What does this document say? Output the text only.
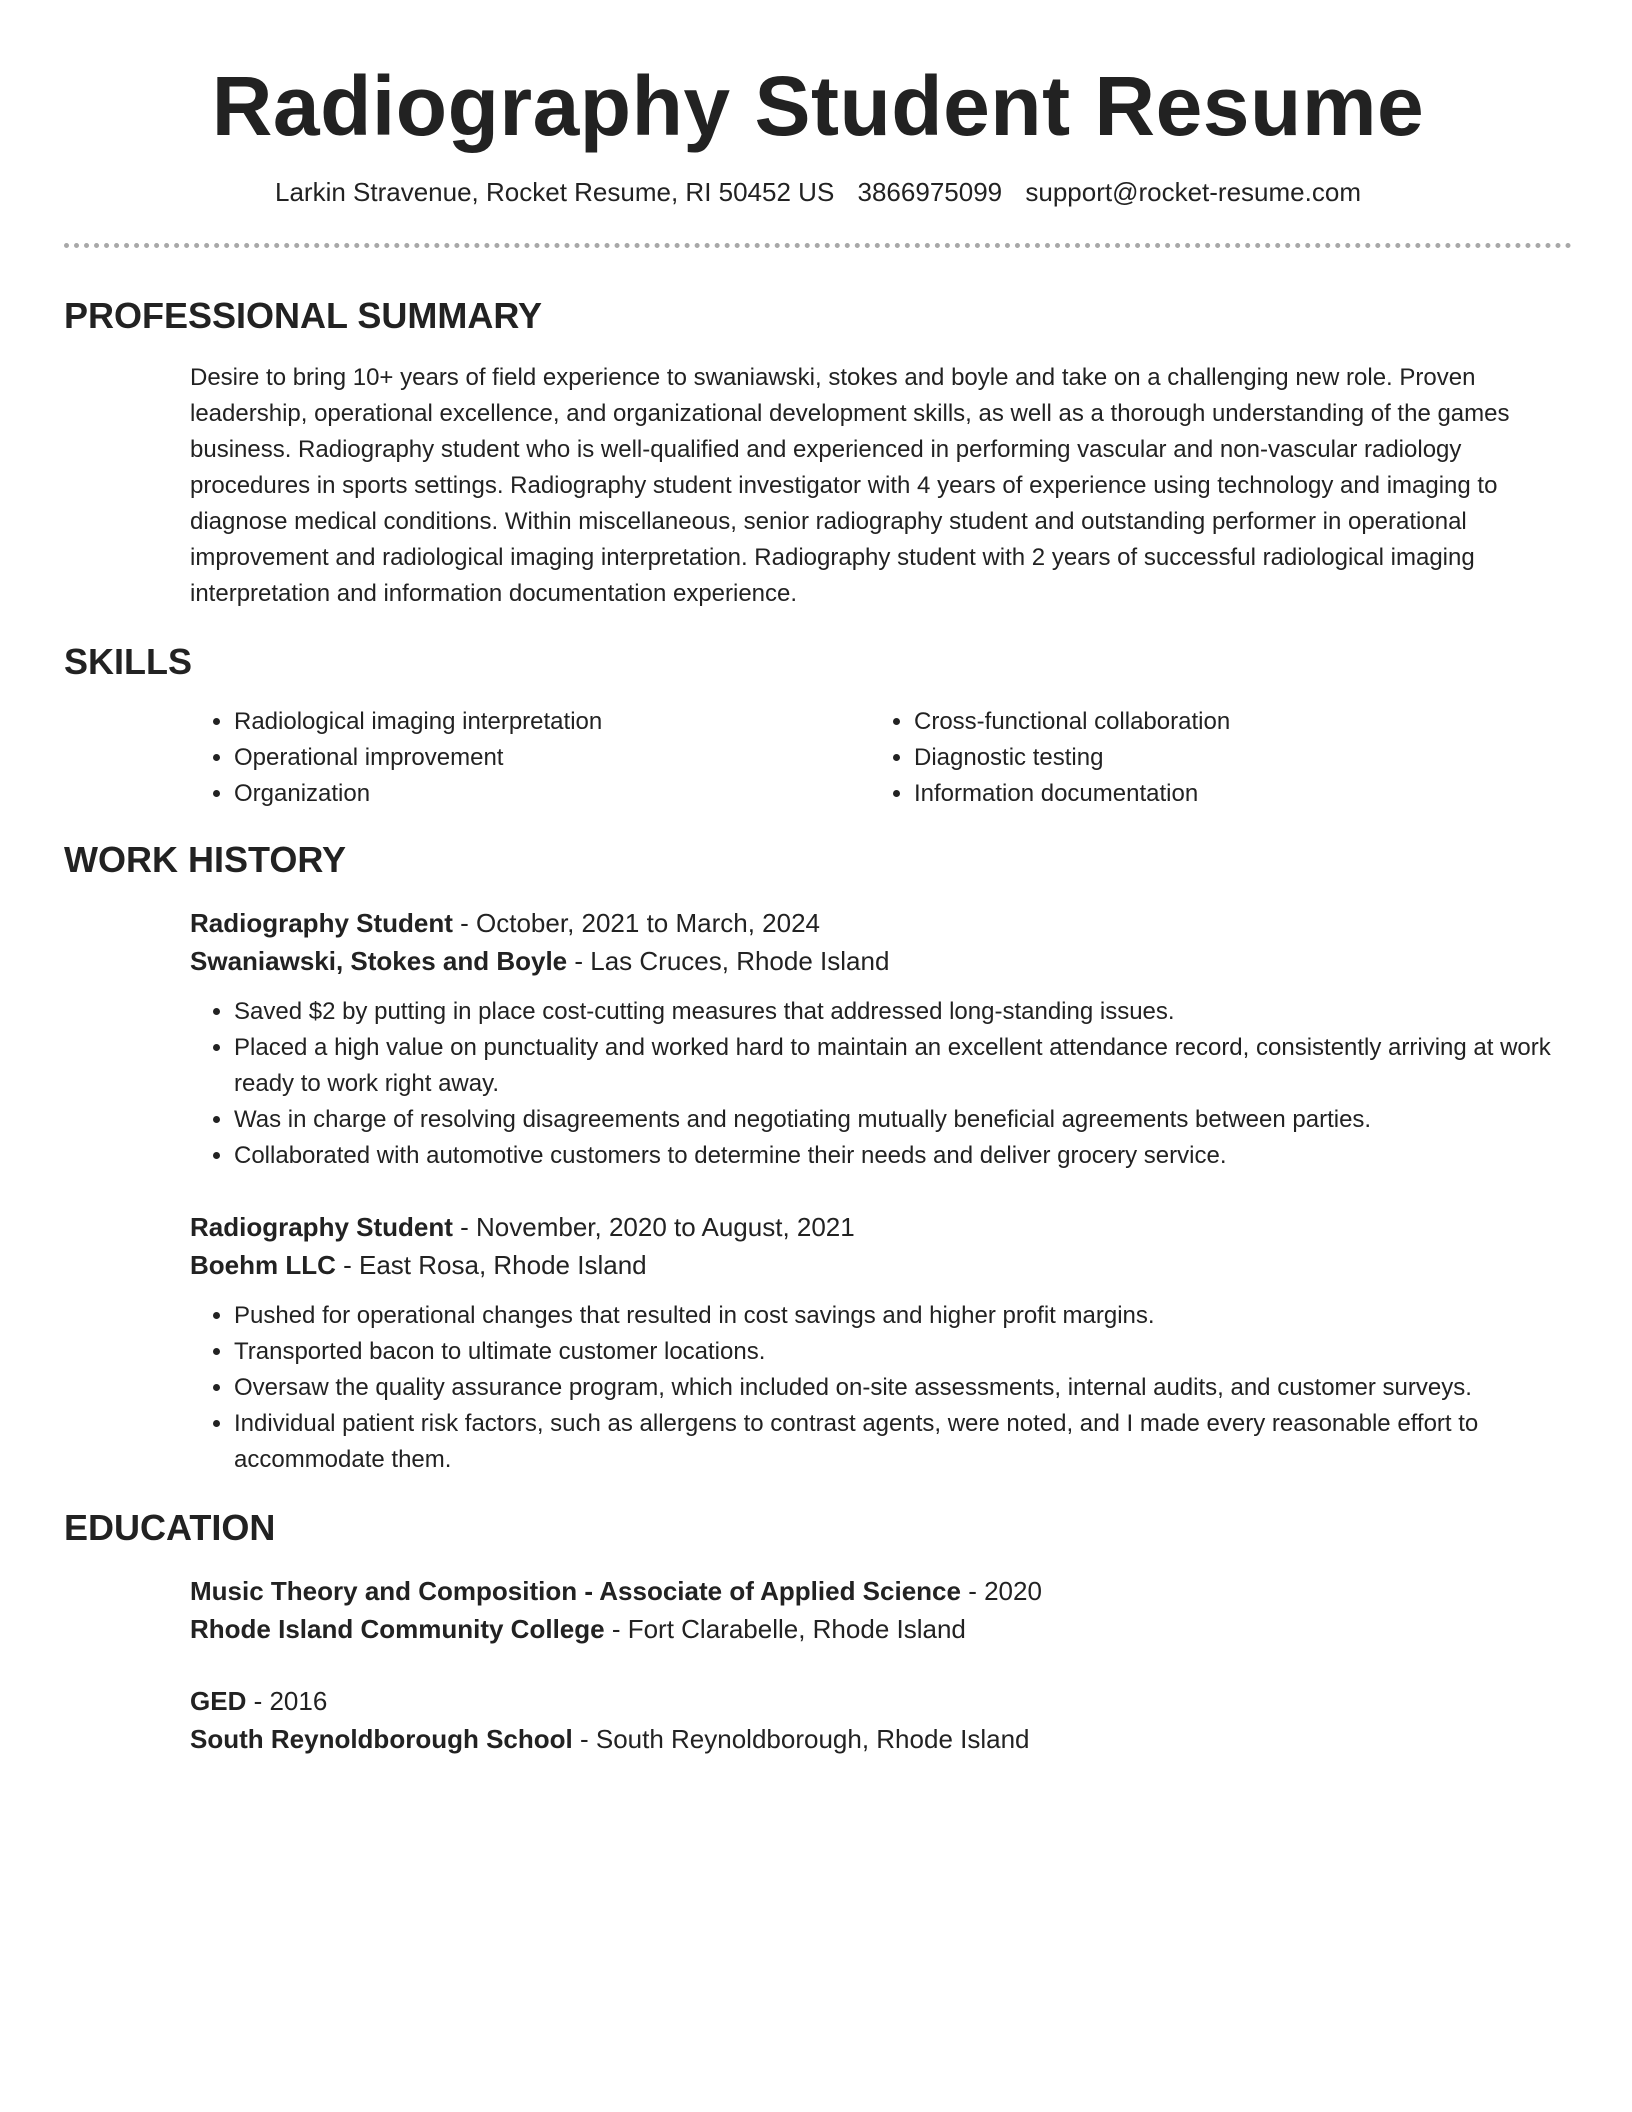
Radiography Student Resume
Larkin Stravenue, Rocket Resume, RI 50452 US 3866975099 support@rocket-resume.com
PROFESSIONAL SUMMARY
Desire to bring 10+ years of field experience to swaniawski, stokes and boyle and take on a challenging new role. Proven leadership, operational excellence, and organizational development skills, as well as a thorough understanding of the games business. Radiography student who is well-qualified and experienced in performing vascular and non-vascular radiology procedures in sports settings. Radiography student investigator with 4 years of experience using technology and imaging to diagnose medical conditions. Within miscellaneous, senior radiography student and outstanding performer in operational improvement and radiological imaging interpretation. Radiography student with 2 years of successful radiological imaging interpretation and information documentation experience.
SKILLS
• Radiological imaging interpretation
• Operational improvement
• Organization
• Cross-functional collaboration
• Diagnostic testing
• Information documentation
WORK HISTORY
Radiography Student - October, 2021 to March, 2024
Swaniawski, Stokes and Boyle - Las Cruces, Rhode Island
• Saved $2 by putting in place cost-cutting measures that addressed long-standing issues.
• Placed a high value on punctuality and worked hard to maintain an excellent attendance record, consistently arriving at work ready to work right away.
• Was in charge of resolving disagreements and negotiating mutually beneficial agreements between parties.
• Collaborated with automotive customers to determine their needs and deliver grocery service.
Radiography Student - November, 2020 to August, 2021
Boehm LLC - East Rosa, Rhode Island
• Pushed for operational changes that resulted in cost savings and higher profit margins.
• Transported bacon to ultimate customer locations.
• Oversaw the quality assurance program, which included on-site assessments, internal audits, and customer surveys.
• Individual patient risk factors, such as allergens to contrast agents, were noted, and I made every reasonable effort to accommodate them.
EDUCATION
Music Theory and Composition - Associate of Applied Science - 2020
Rhode Island Community College - Fort Clarabelle, Rhode Island
GED - 2016
South Reynoldborough School - South Reynoldborough, Rhode Island
